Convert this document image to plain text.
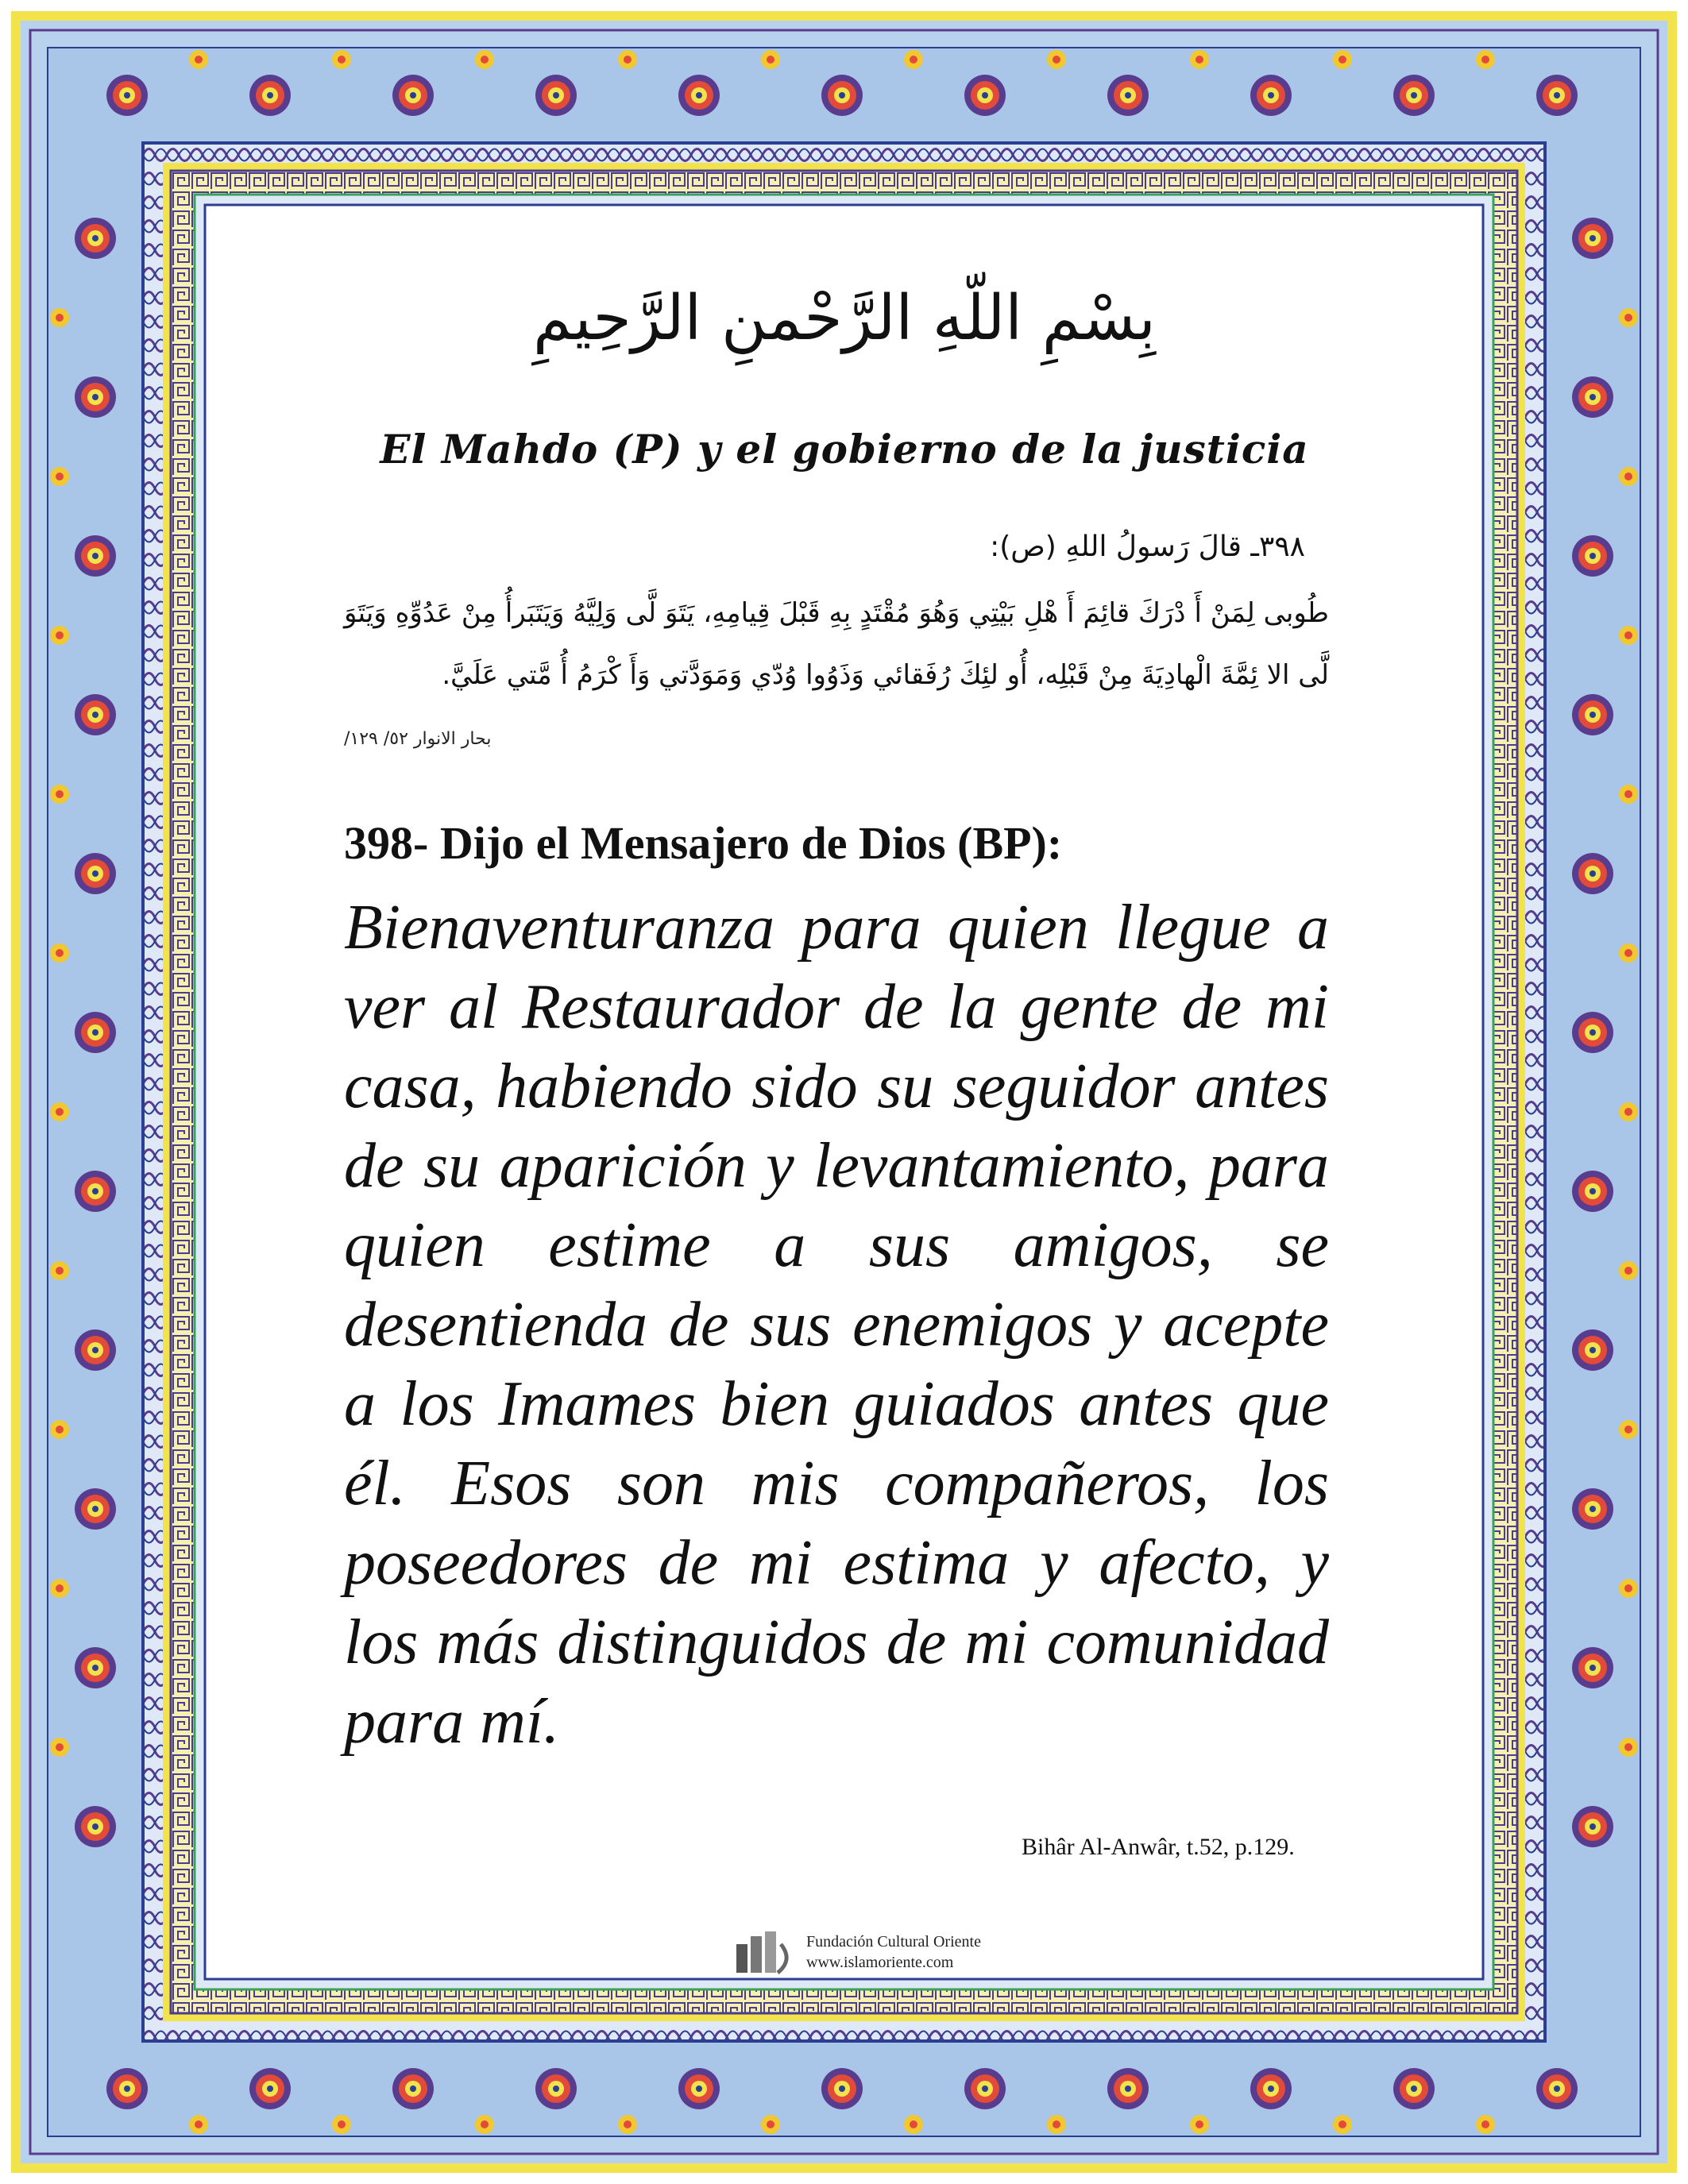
بِسْمِ اللّهِ الرَّحْمنِ الرَّحِيمِ
El Mahdo (P) y el gobierno de la justicia
٣٩٨ـ قالَ رَسولُ اللهِ (ص):
طُوبى لِمَنْ أَ دْرَكَ قائِمَ أَ هْلِ بَيْتِي وَهُوَ مُقْتَدٍ بِهِ قَبْلَ قِيامِهِ، يَتَوَ لَّى وَلِيَّهُ وَيَتَبَرأُ مِنْ عَدُوِّهِ وَيَتَوَ لَّى الا ئِمَّةَ الْهادِيَةَ مِنْ قَبْلِه، أُو لئِكَ رُفَقائي وَذَوُوا وُدّي وَمَوَدَّتي وَأَ كْرَمُ أُ مَّتي عَلَيَّ.
بحار الانوار ٥٢/ ١٢٩/
398- Dijo el Mensajero de Dios (BP):
Bienaventuranza para quien llegue a ver al Restaurador de la gente de mi casa, habiendo sido su seguidor antes de su aparición y levantamiento, para quien estime a sus amigos, se desentienda de sus enemigos y acepte a los Imames bien guiados antes que él. Esos son mis compañeros, los poseedores de mi estima y afecto, y los más distinguidos de mi comunidad para mí.
Bihâr Al-Anwâr, t.52, p.129.
Fundación Cultural Oriente
www.islamoriente.com
